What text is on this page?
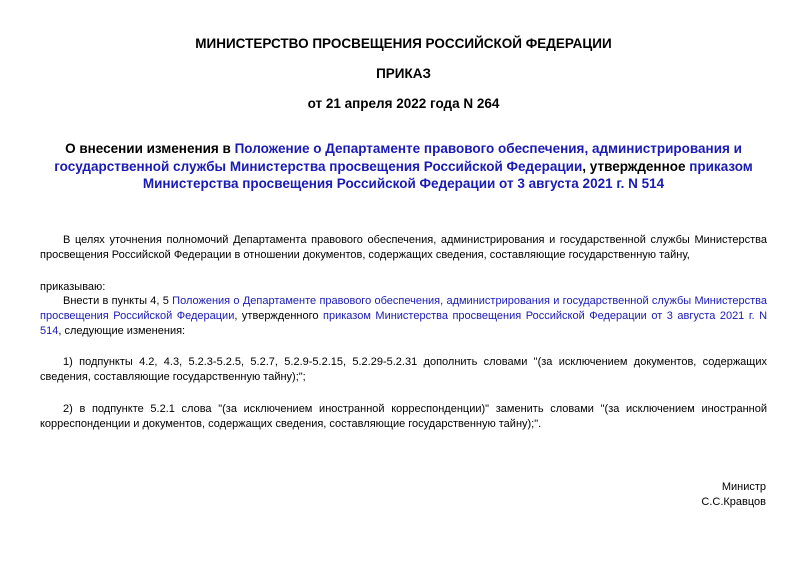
МИНИСТЕРСТВО ПРОСВЕЩЕНИЯ РОССИЙСКОЙ ФЕДЕРАЦИИ
ПРИКАЗ
от 21 апреля 2022 года N 264
О внесении изменения в Положение о Департаменте правового обеспечения, администрирования и государственной службы Министерства просвещения Российской Федерации, утвержденное приказом Министерства просвещения Российской Федерации от 3 августа 2021 г. N 514
В целях уточнения полномочий Департамента правового обеспечения, администрирования и государственной службы Министерства просвещения Российской Федерации в отношении документов, содержащих сведения, составляющие государственную тайну,
приказываю:
Внести в пункты 4, 5 Положения о Департаменте правового обеспечения, администрирования и государственной службы Министерства просвещения Российской Федерации, утвержденного приказом Министерства просвещения Российской Федерации от 3 августа 2021 г. N 514, следующие изменения:
1) подпункты 4.2, 4.3, 5.2.3-5.2.5, 5.2.7, 5.2.9-5.2.15, 5.2.29-5.2.31 дополнить словами "(за исключением документов, содержащих сведения, составляющие государственную тайну);";
2) в подпункте 5.2.1 слова "(за исключением иностранной корреспонденции)" заменить словами "(за исключением иностранной корреспонденции и документов, содержащих сведения, составляющие государственную тайну);".
Министр
С.С.Кравцов
